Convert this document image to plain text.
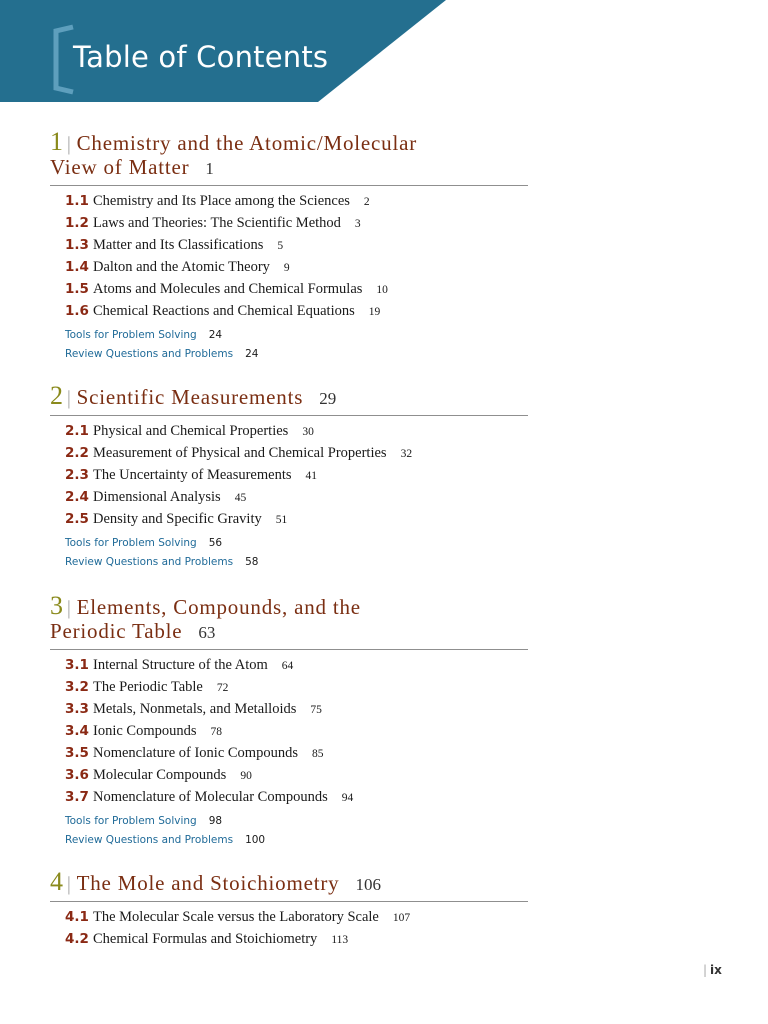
Table of Contents
1 | Chemistry and the Atomic/Molecular
View of Matter 1
1.1 Chemistry and Its Place among the Sciences 2
1.2 Laws and Theories: The Scientific Method 3
1.3 Matter and Its Classifications 5
1.4 Dalton and the Atomic Theory 9
1.5 Atoms and Molecules and Chemical Formulas 10
1.6 Chemical Reactions and Chemical Equations 19
Tools for Problem Solving 24
Review Questions and Problems 24
2 | Scientific Measurements 29
2.1 Physical and Chemical Properties 30
2.2 Measurement of Physical and Chemical Properties 32
2.3 The Uncertainty of Measurements 41
2.4 Dimensional Analysis 45
2.5 Density and Specific Gravity 51
Tools for Problem Solving 56
Review Questions and Problems 58
3 | Elements, Compounds, and the
Periodic Table 63
3.1 Internal Structure of the Atom 64
3.2 The Periodic Table 72
3.3 Metals, Nonmetals, and Metalloids 75
3.4 Ionic Compounds 78
3.5 Nomenclature of Ionic Compounds 85
3.6 Molecular Compounds 90
3.7 Nomenclature of Molecular Compounds 94
Tools for Problem Solving 98
Review Questions and Problems 100
4 | The Mole and Stoichiometry 106
4.1 The Molecular Scale versus the Laboratory Scale 107
4.2 Chemical Formulas and Stoichiometry 113
| ix
